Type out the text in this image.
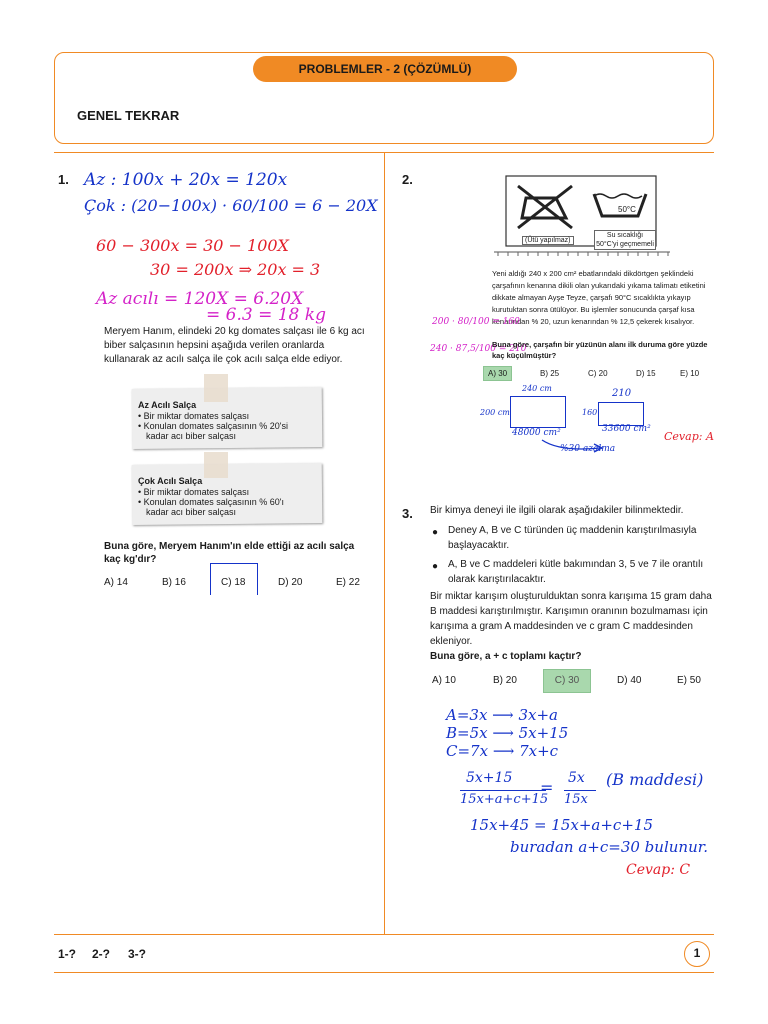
PROBLEMLER - 2 (ÇÖZÜMLÜ)
GENEL TEKRAR
1. Az : 100x + 20x = 120x
Çok : (20−100x) · 60/100 = 6 − 20X
60 − 300x = 30 − 100X
30 = 200x ⇒ 20x = 3
Az acılı = 120X = 6.20X
= 6.3 = 18 kg
Meryem Hanım, elindeki 20 kg domates salçası ile 6 kg acı biber salçasının hepsini aşağıda verilen oranlarda kullanarak az acılı salça ile çok acılı salça elde ediyor.
Az Acılı Salça
• Bir miktar domates salçası
• Konulan domates salçasının % 20'si
kadar acı biber salçası
Çok Acılı Salça
• Bir miktar domates salçası
• Konulan domates salçasının % 60'ı
kadar acı biber salçası
Buna göre, Meryem Hanım'ın elde ettiği az acılı salça kaç kg'dır?
A) 14	B) 16	C) 18	D) 20	E) 22
2.
50°C
(Ütü yapılmaz)
Su sıcaklığı 50°C'yi geçmemeli
Yeni aldığı 240 x 200 cm² ebatlarındaki dikdörtgen şeklindeki çarşafının kenarına dikili olan yukarıdaki yıkama talimatı etiketini dikkate almayan Ayşe Teyze, çarşafı 90°C sıcaklıkta yıkayıp kurutuktan sonra ütülüyor. Bu işlemler sonucunda çarşaf kısa kenarından % 20, uzun kenarından % 12,5 çekerek kısalıyor.
200 · 80/100 = 160
240 · 87,5/100 = 210
Buna göre, çarşafın bir yüzünün alanı ilk duruma göre yüzde kaç küçülmüştür?
A) 30	B) 25	C) 20	D) 15	E) 10
240 cm
200 cm
48000 cm²
210
160
33600 cm²
%30 azalma
Cevap: A
3. Bir kimya deneyi ile ilgili olarak aşağıdakiler bilinmektedir.
● Deney A, B ve C türünden üç maddenin karıştırılmasıyla başlayacaktır.
● A, B ve C maddeleri kütle bakımından 3, 5 ve 7 ile orantılı olarak karıştırılacaktır.
Bir miktar karışım oluşturulduktan sonra karışıma 15 gram daha B maddesi karıştırılmıştır. Karışımın oranının bozulmaması için karışıma a gram A maddesinden ve c gram C maddesinden ekleniyor.
Buna göre, a + c toplamı kaçtır?
A) 10	B) 20	C) 30	D) 40	E) 50
A=3x ⟶ 3x+a
B=5x ⟶ 5x+15
C=7x ⟶ 7x+c
5x+15
15x+a+c+15
= 5x
15x
(B maddesi)
15x+45 = 15x+a+c+15
buradan a+c=30 bulunur.
Cevap: C
1-? 2-? 3-?	1
